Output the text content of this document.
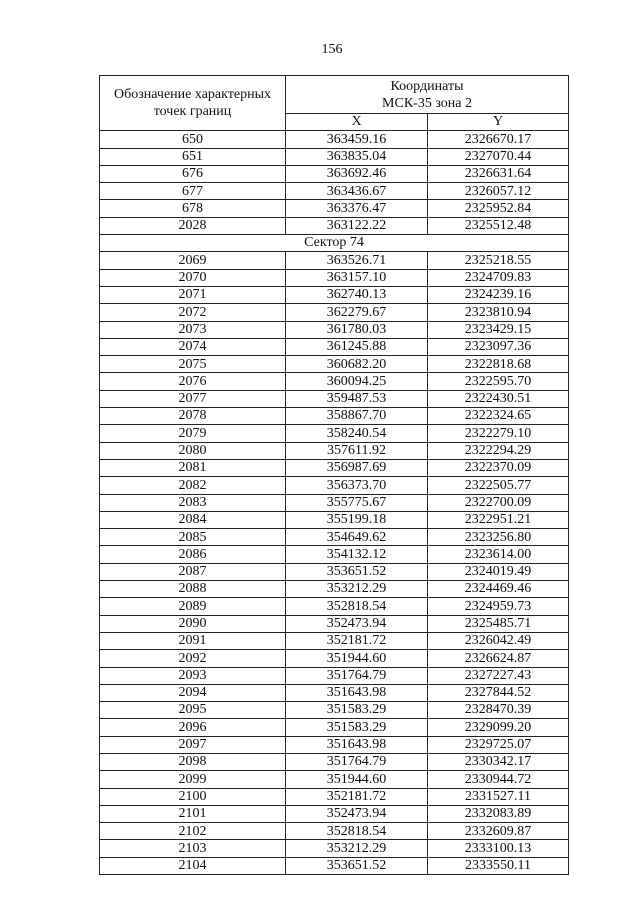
156
Обозначение характерных точек границ	Координаты
МСК-35 зона 2	

	X	Y
650	363459.16	2326670.17
651	363835.04	2327070.44
676	363692.46	2326631.64
677	363436.67	2326057.12
678	363376.47	2325952.84
2028	363122.22	2325512.48
Сектор 74		
2069	363526.71	2325218.55
2070	363157.10	2324709.83
2071	362740.13	2324239.16
2072	362279.67	2323810.94
2073	361780.03	2323429.15
2074	361245.88	2323097.36
2075	360682.20	2322818.68
2076	360094.25	2322595.70
2077	359487.53	2322430.51
2078	358867.70	2322324.65
2079	358240.54	2322279.10
2080	357611.92	2322294.29
2081	356987.69	2322370.09
2082	356373.70	2322505.77
2083	355775.67	2322700.09
2084	355199.18	2322951.21
2085	354649.62	2323256.80
2086	354132.12	2323614.00
2087	353651.52	2324019.49
2088	353212.29	2324469.46
2089	352818.54	2324959.73
2090	352473.94	2325485.71
2091	352181.72	2326042.49
2092	351944.60	2326624.87
2093	351764.79	2327227.43
2094	351643.98	2327844.52
2095	351583.29	2328470.39
2096	351583.29	2329099.20
2097	351643.98	2329725.07
2098	351764.79	2330342.17
2099	351944.60	2330944.72
2100	352181.72	2331527.11
2101	352473.94	2332083.89
2102	352818.54	2332609.87
2103	353212.29	2333100.13
2104	353651.52	2333550.11
